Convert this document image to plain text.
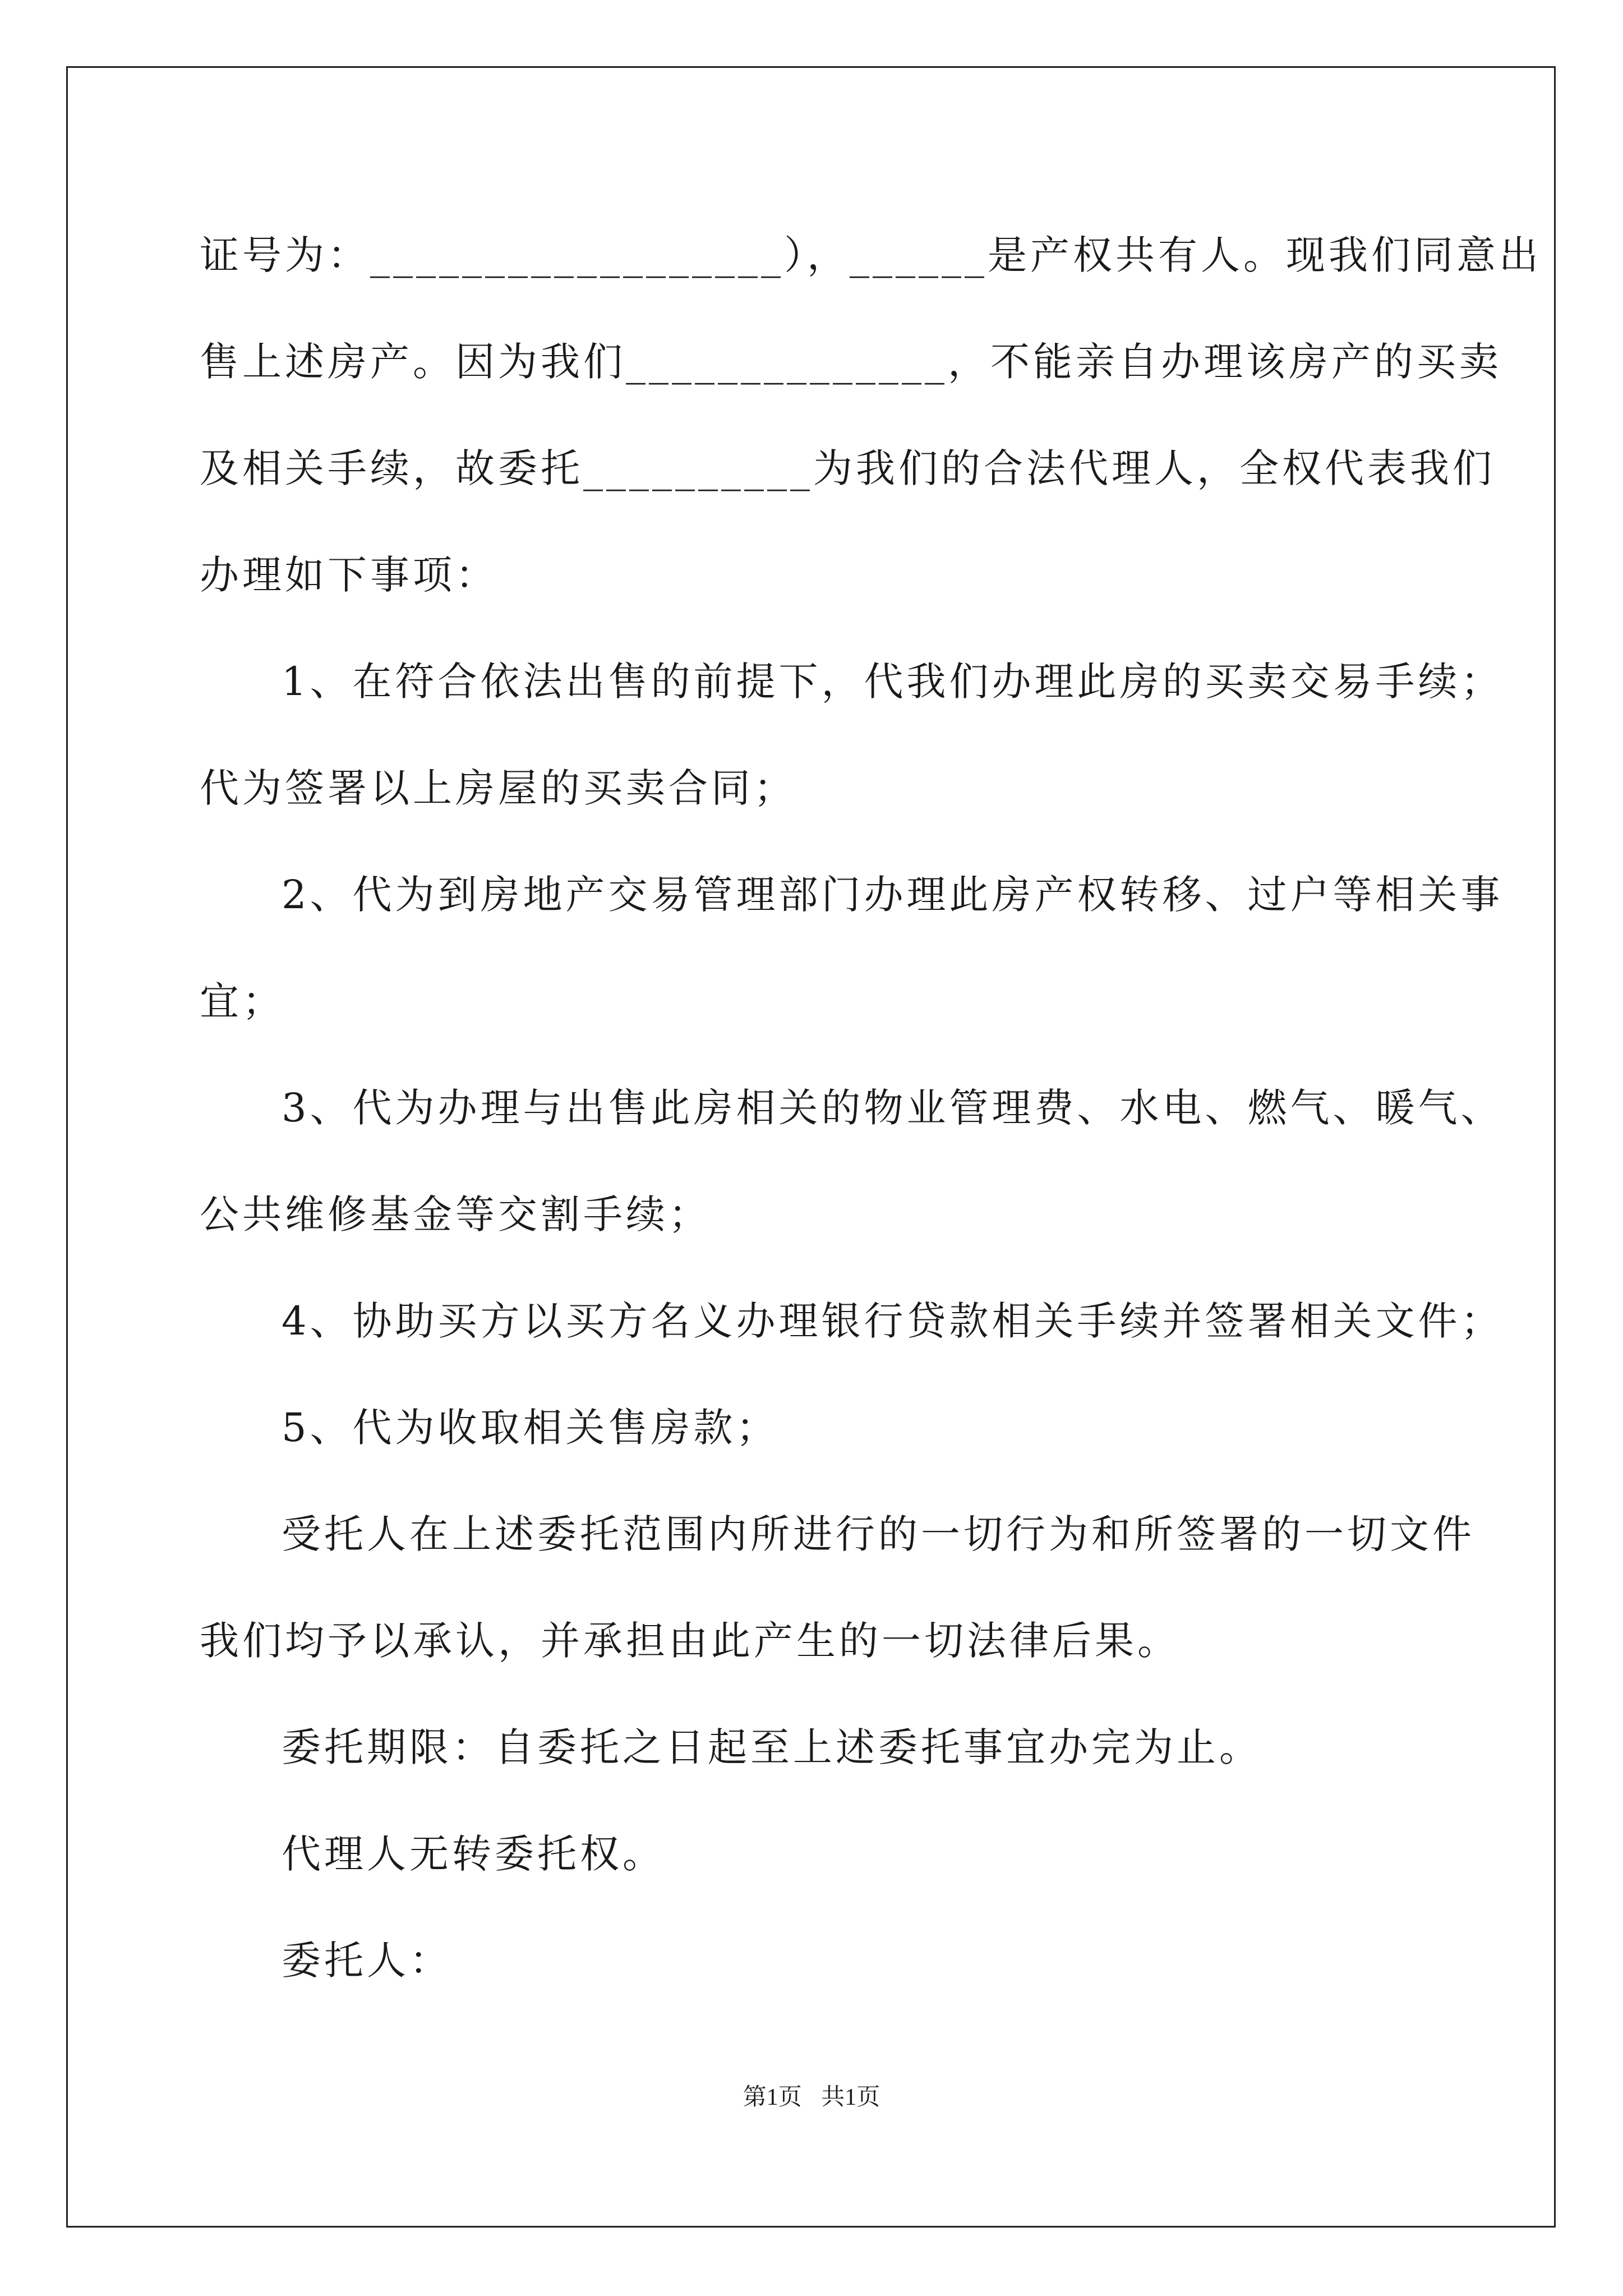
证号为：__________________），______是产权共有人。现我们同意出
售上述房产。因为我们______________，不能亲自办理该房产的买卖
及相关手续，故委托__________为我们的合法代理人，全权代表我们
办理如下事项：
1、在符合依法出售的前提下，代我们办理此房的买卖交易手续；
代为签署以上房屋的买卖合同；
2、代为到房地产交易管理部门办理此房产权转移、过户等相关事
宜；
3、代为办理与出售此房相关的物业管理费、水电、燃气、暖气、
公共维修基金等交割手续；
4、协助买方以买方名义办理银行贷款相关手续并签署相关文件；
5、代为收取相关售房款；
受托人在上述委托范围内所进行的一切行为和所签署的一切文件
我们均予以承认，并承担由此产生的一切法律后果。
委托期限：自委托之日起至上述委托事宜办完为止。
代理人无转委托权。
委托人：
第1页 共1页
